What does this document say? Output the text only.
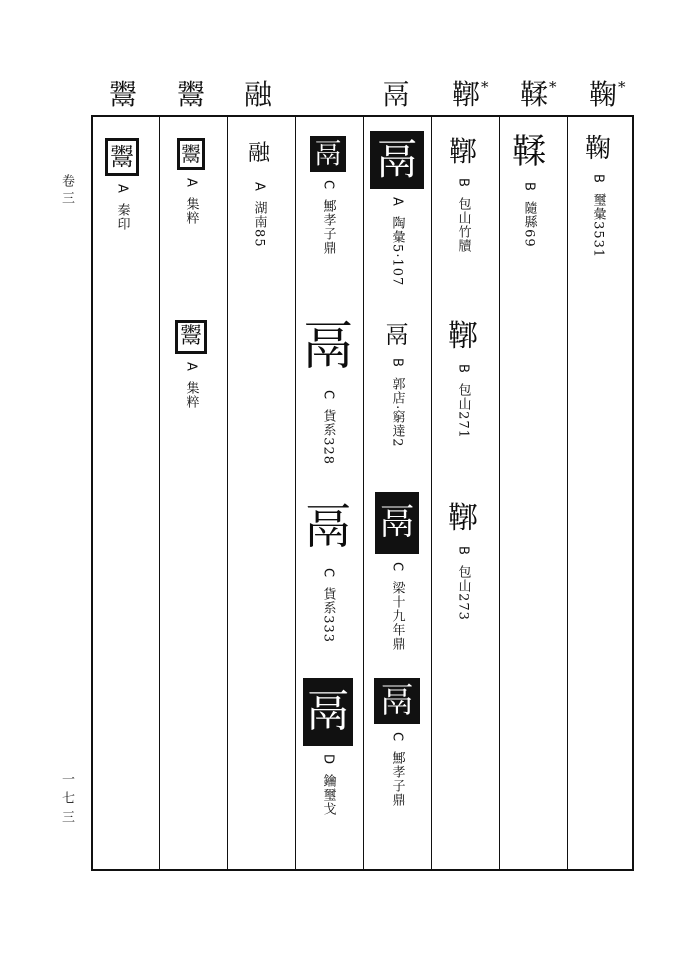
卷三
一七三
鞠 *
鞣 *
鞹 *
鬲
融
鬻
鬻
鞠
B 璽彙3531
鞣
B 隨縣69
鞹
B 包山竹牘
鞹
B 包山271
鞹
B 包山273
鬲
A 陶彙5·107
鬲
B 郭店·窮達2
鬲
C 梁十九年鼎
鬲
C 鄦孝子鼎
鬲
C 鄦孝子鼎
鬲
C 貨系328
鬲
C 貨系333
鬲
D 鑰璽戈
融
A 湖南85
鬻
A 集粹
鬻
A 集粹
鬻
A 秦印
